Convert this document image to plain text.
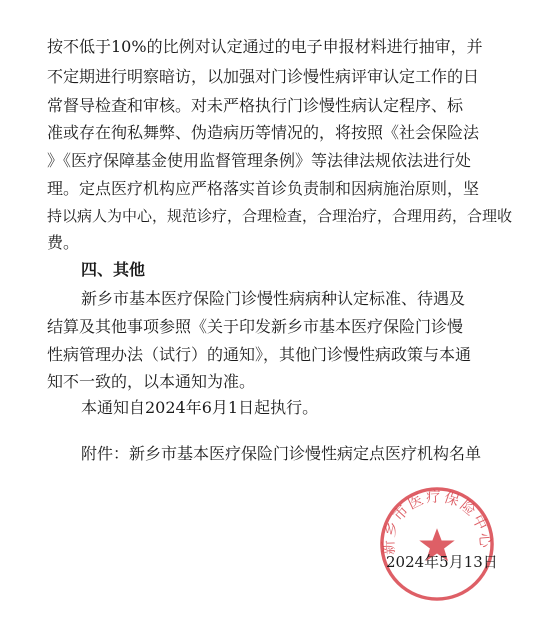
按不低于10%的比例对认定通过的电子申报材料进行抽审，并
不定期进行明察暗访，以加强对门诊慢性病评审认定工作的日
常督导检查和审核。对未严格执行门诊慢性病认定程序、标
准或存在徇私舞弊、伪造病历等情况的，将按照《社会保险法
》《医疗保障基金使用监督管理条例》等法律法规依法进行处
理。定点医疗机构应严格落实首诊负责制和因病施治原则，坚
持以病人为中心，规范诊疗，合理检查，合理治疗，合理用药，合理收
费。
四、其他
新乡市基本医疗保险门诊慢性病病种认定标准、待遇及
结算及其他事项参照《关于印发新乡市基本医疗保险门诊慢
性病管理办法（试行）的通知》，其他门诊慢性病政策与本通
知不一致的，以本通知为准。
本通知自2024年6月1日起执行。
附件：新乡市基本医疗保险门诊慢性病定点医疗机构名单
新乡市医疗保险中心
2024年5月13日
